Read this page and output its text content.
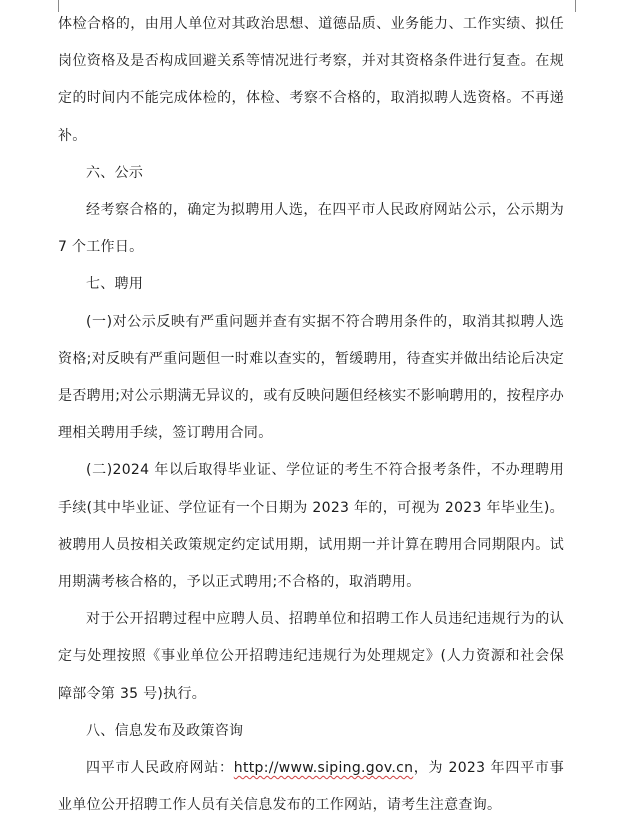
体检合格的，由用人单位对其政治思想、道德品质、业务能力、工作实绩、拟任岗位资格及是否构成回避关系等情况进行考察，并对其资格条件进行复查。在规定的时间内不能完成体检的，体检、考察不合格的，取消拟聘人选资格。不再递补。

六、公示

经考察合格的，确定为拟聘用人选，在四平市人民政府网站公示，公示期为7 个工作日。

七、聘用

(一)对公示反映有严重问题并查有实据不符合聘用条件的，取消其拟聘人选资格;对反映有严重问题但一时难以查实的，暂缓聘用，待查实并做出结论后决定是否聘用;对公示期满无异议的，或有反映问题但经核实不影响聘用的，按程序办理相关聘用手续，签订聘用合同。

(二)2024 年以后取得毕业证、学位证的考生不符合报考条件，不办理聘用手续(其中毕业证、学位证有一个日期为 2023 年的，可视为 2023 年毕业生)。被聘用人员按相关政策规定约定试用期，试用期一并计算在聘用合同期限内。试用期满考核合格的，予以正式聘用;不合格的，取消聘用。

对于公开招聘过程中应聘人员、招聘单位和招聘工作人员违纪违规行为的认定与处理按照《事业单位公开招聘违纪违规行为处理规定》(人力资源和社会保障部令第 35 号)执行。

八、信息发布及政策咨询

四平市人民政府网站：http://www.siping.gov.cn，为 2023 年四平市事业单位公开招聘工作人员有关信息发布的工作网站，请考生注意查询。
